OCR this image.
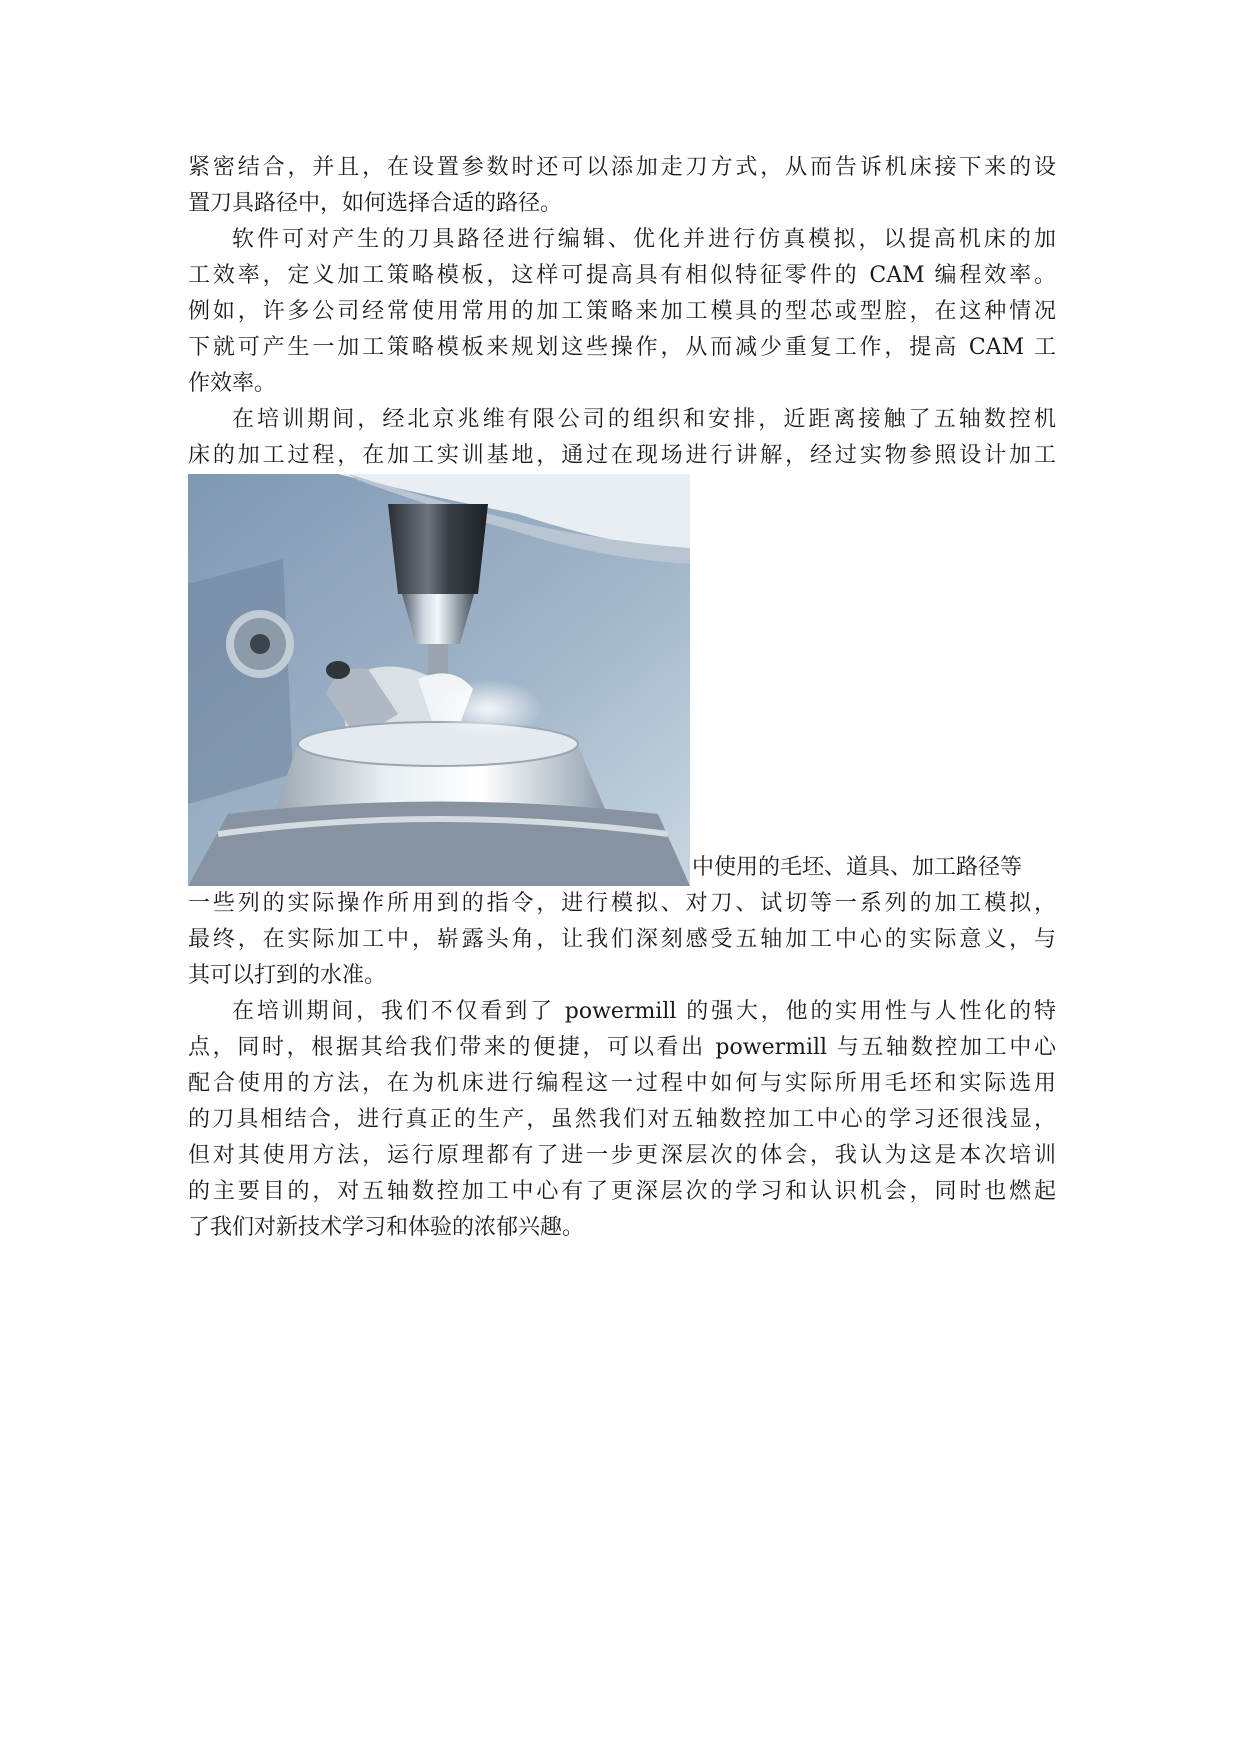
紧密结合，并且，在设置参数时还可以添加走刀方式，从而告诉机床接下来的设
置刀具路径中，如何选择合适的路径。
软件可对产生的刀具路径进行编辑、优化并进行仿真模拟，以提高机床的加
工效率，定义加工策略模板，这样可提高具有相似特征零件的 CAM 编程效率。
例如，许多公司经常使用常用的加工策略来加工模具的型芯或型腔，在这种情况
下就可产生一加工策略模板来规划这些操作，从而减少重复工作，提高 CAM 工
作效率。
在培训期间，经北京兆维有限公司的组织和安排，近距离接触了五轴数控机
床的加工过程，在加工实训基地，通过在现场进行讲解，经过实物参照设计加工
中使用的毛坯、道具、加工路径等
一些列的实际操作所用到的指令，进行模拟、对刀、试切等一系列的加工模拟，
最终，在实际加工中，崭露头角，让我们深刻感受五轴加工中心的实际意义，与
其可以打到的水准。
在培训期间，我们不仅看到了 powermill 的强大，他的实用性与人性化的特
点，同时，根据其给我们带来的便捷，可以看出 powermill 与五轴数控加工中心
配合使用的方法，在为机床进行编程这一过程中如何与实际所用毛坯和实际选用
的刀具相结合，进行真正的生产，虽然我们对五轴数控加工中心的学习还很浅显，
但对其使用方法，运行原理都有了进一步更深层次的体会，我认为这是本次培训
的主要目的，对五轴数控加工中心有了更深层次的学习和认识机会，同时也燃起
了我们对新技术学习和体验的浓郁兴趣。
